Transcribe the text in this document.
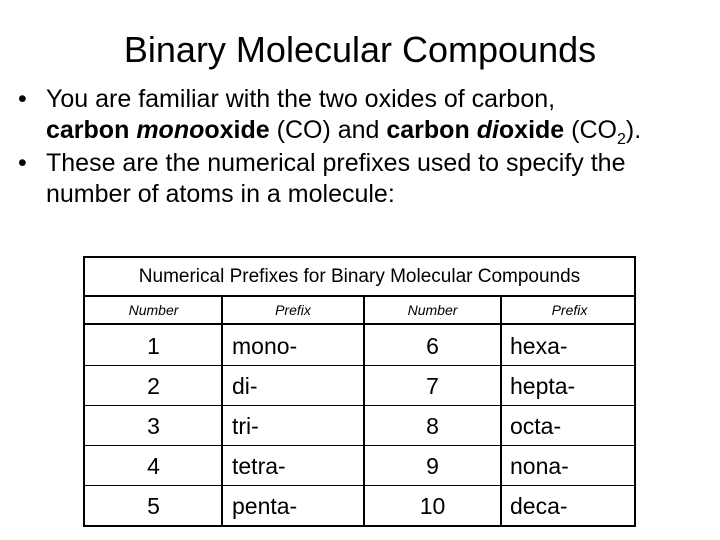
Binary Molecular Compounds
• You are familiar with the two oxides of carbon,
carbon monooxide (CO) and carbon dioxide $(CO_2)$.
• These are the numerical prefixes used to specify the number of atoms in a molecule:
Numerical Prefixes for Binary Molecular Compounds
Number	Prefix	Number	Prefix
1	mono-	6	hexa-
2	di-	7	hepta-
3	tri-	8	octa-
4	tetra-	9	nona-
5	penta-	10	deca-
